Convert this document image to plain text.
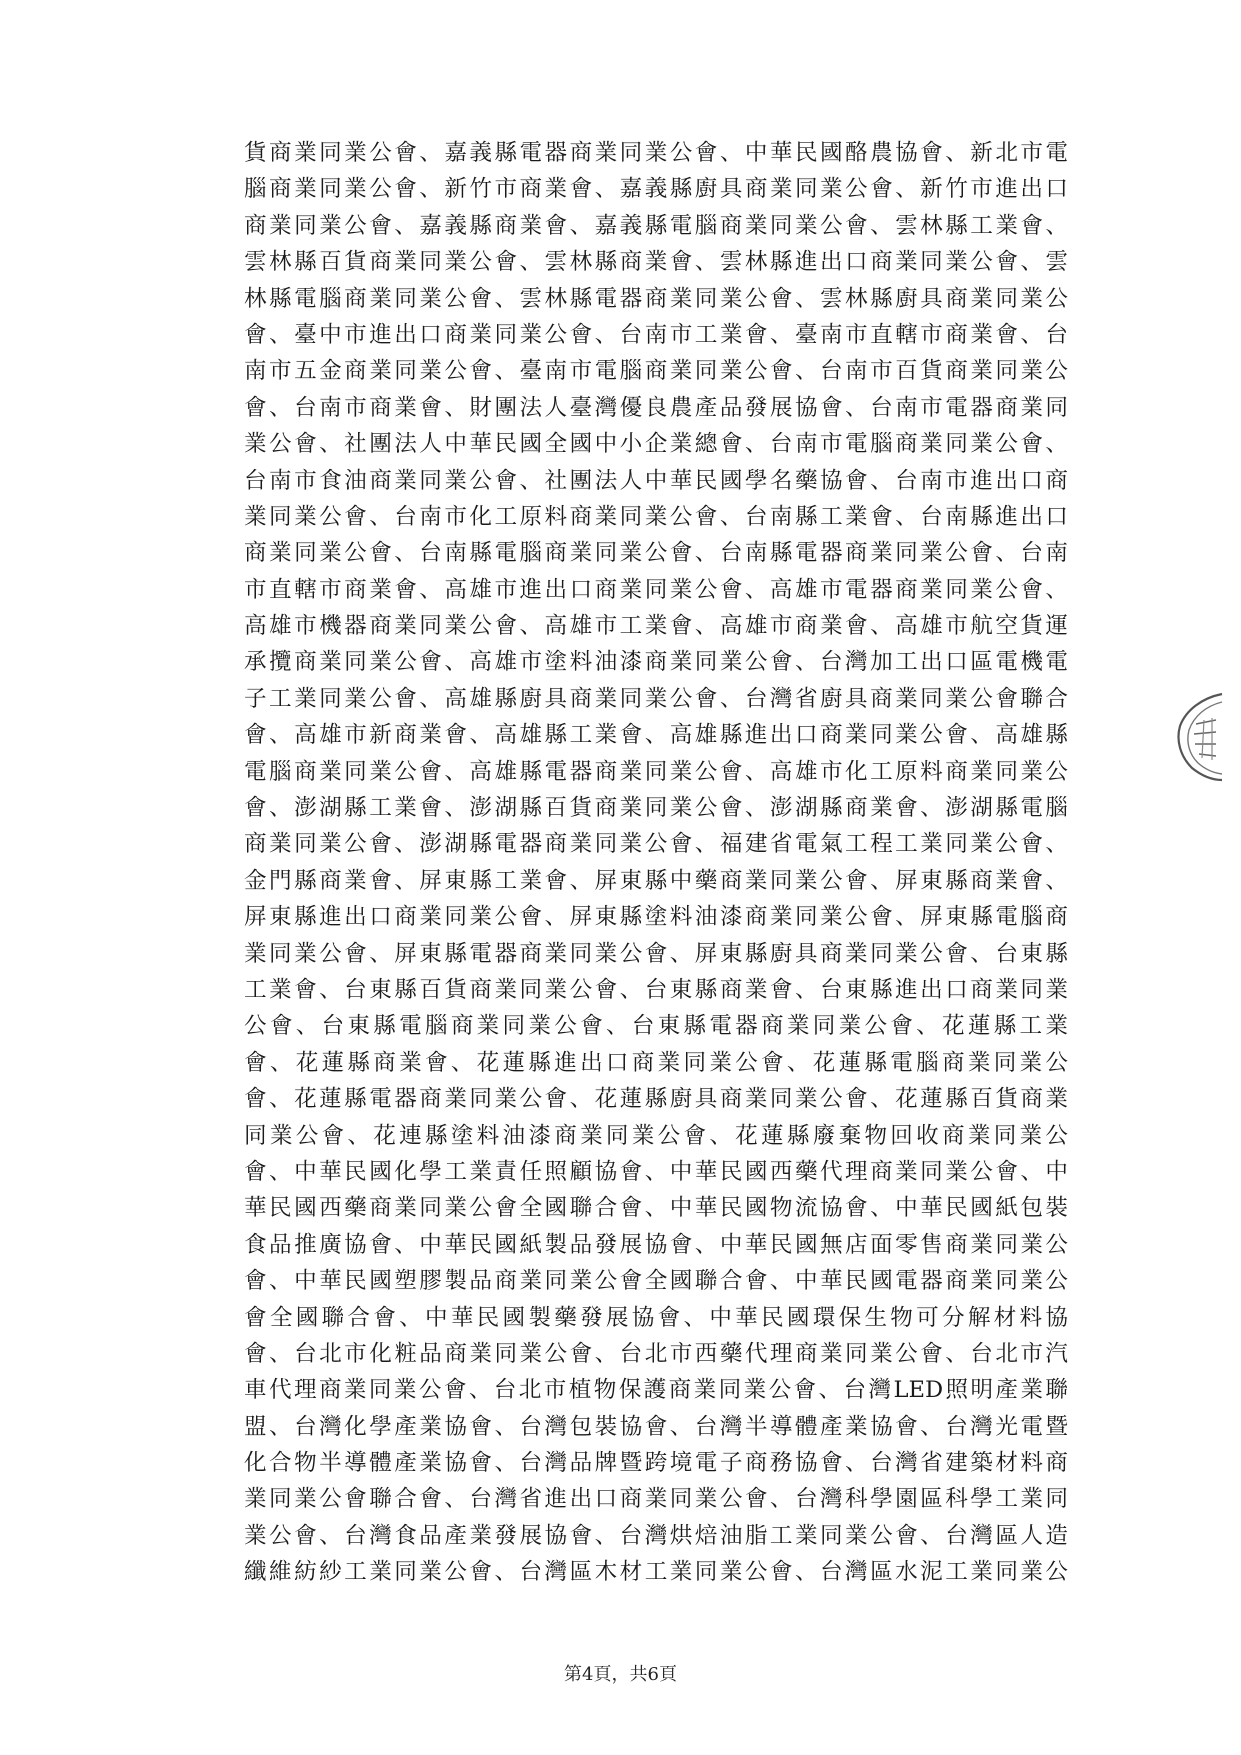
貨商業同業公會、嘉義縣電器商業同業公會、中華民國酪農協會、新北市電
腦商業同業公會、新竹市商業會、嘉義縣廚具商業同業公會、新竹市進出口
商業同業公會、嘉義縣商業會、嘉義縣電腦商業同業公會、雲林縣工業會、
雲林縣百貨商業同業公會、雲林縣商業會、雲林縣進出口商業同業公會、雲
林縣電腦商業同業公會、雲林縣電器商業同業公會、雲林縣廚具商業同業公
會、臺中市進出口商業同業公會、台南市工業會、臺南市直轄市商業會、台
南市五金商業同業公會、臺南市電腦商業同業公會、台南市百貨商業同業公
會、台南市商業會、財團法人臺灣優良農產品發展協會、台南市電器商業同
業公會、社團法人中華民國全國中小企業總會、台南市電腦商業同業公會、
台南市食油商業同業公會、社團法人中華民國學名藥協會、台南市進出口商
業同業公會、台南市化工原料商業同業公會、台南縣工業會、台南縣進出口
商業同業公會、台南縣電腦商業同業公會、台南縣電器商業同業公會、台南
市直轄市商業會、高雄市進出口商業同業公會、高雄市電器商業同業公會、
高雄市機器商業同業公會、高雄市工業會、高雄市商業會、高雄市航空貨運
承攬商業同業公會、高雄市塗料油漆商業同業公會、台灣加工出口區電機電
子工業同業公會、高雄縣廚具商業同業公會、台灣省廚具商業同業公會聯合
會、高雄市新商業會、高雄縣工業會、高雄縣進出口商業同業公會、高雄縣
電腦商業同業公會、高雄縣電器商業同業公會、高雄市化工原料商業同業公
會、澎湖縣工業會、澎湖縣百貨商業同業公會、澎湖縣商業會、澎湖縣電腦
商業同業公會、澎湖縣電器商業同業公會、福建省電氣工程工業同業公會、
金門縣商業會、屏東縣工業會、屏東縣中藥商業同業公會、屏東縣商業會、
屏東縣進出口商業同業公會、屏東縣塗料油漆商業同業公會、屏東縣電腦商
業同業公會、屏東縣電器商業同業公會、屏東縣廚具商業同業公會、台東縣
工業會、台東縣百貨商業同業公會、台東縣商業會、台東縣進出口商業同業
公會、台東縣電腦商業同業公會、台東縣電器商業同業公會、花蓮縣工業
會、花蓮縣商業會、花蓮縣進出口商業同業公會、花蓮縣電腦商業同業公
會、花蓮縣電器商業同業公會、花蓮縣廚具商業同業公會、花蓮縣百貨商業
同業公會、花連縣塗料油漆商業同業公會、花蓮縣廢棄物回收商業同業公
會、中華民國化學工業責任照顧協會、中華民國西藥代理商業同業公會、中
華民國西藥商業同業公會全國聯合會、中華民國物流協會、中華民國紙包裝
食品推廣協會、中華民國紙製品發展協會、中華民國無店面零售商業同業公
會、中華民國塑膠製品商業同業公會全國聯合會、中華民國電器商業同業公
會全國聯合會、中華民國製藥發展協會、中華民國環保生物可分解材料協
會、台北市化粧品商業同業公會、台北市西藥代理商業同業公會、台北市汽
車代理商業同業公會、台北市植物保護商業同業公會、台灣LED照明產業聯
盟、台灣化學產業協會、台灣包裝協會、台灣半導體產業協會、台灣光電暨
化合物半導體產業協會、台灣品牌暨跨境電子商務協會、台灣省建築材料商
業同業公會聯合會、台灣省進出口商業同業公會、台灣科學園區科學工業同
業公會、台灣食品產業發展協會、台灣烘焙油脂工業同業公會、台灣區人造
纖維紡紗工業同業公會、台灣區木材工業同業公會、台灣區水泥工業同業公
第4頁，共6頁
